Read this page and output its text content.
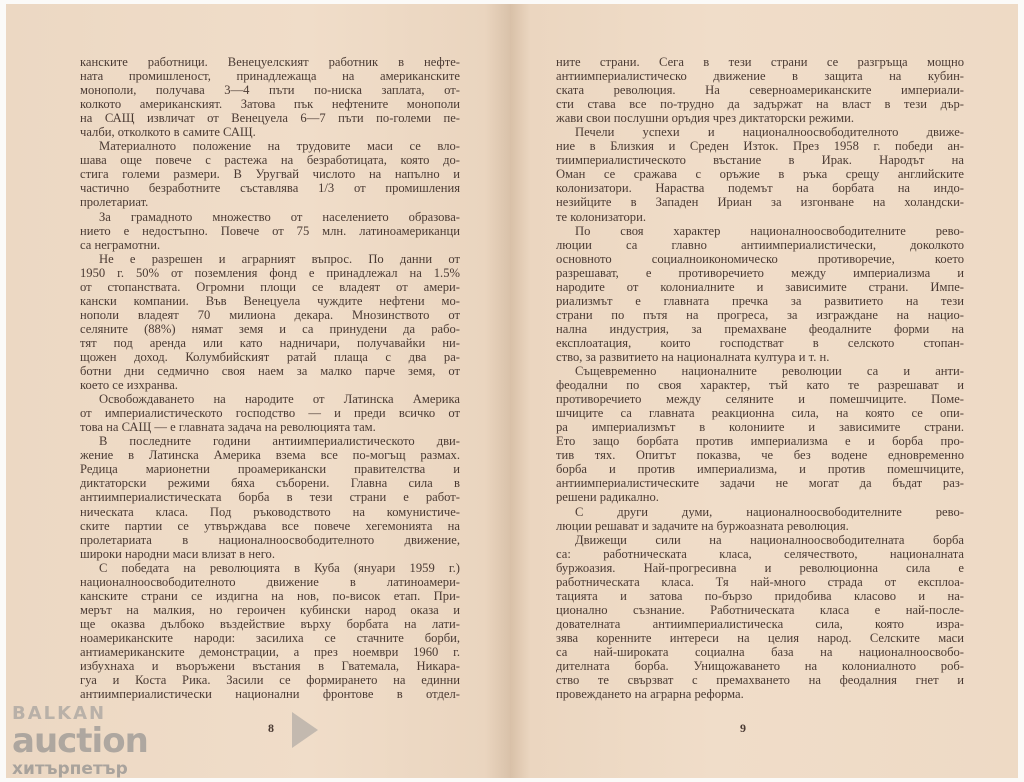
канските работници. Венецуелският работник в нефте-
ната промишленост, принадлежаща на американските
монополи, получава 3—4 пъти по-ниска заплата, от-
колкото американският. Затова пък нефтените монополи
на САЩ извличат от Венецуела 6—7 пъти по-големи пе-
чалби, отколкото в самите САЩ.
Материалното положение на трудовите маси се вло-
шава още повече с растежа на безработицата, която до-
стига големи размери. В Уругвай числото на напълно и
частично безработните съставлява 1/3 от промишления
пролетариат.
За грамадното множество от населението образова-
нието е недостъпно. Повече от 75 млн. латиноамериканци
са неграмотни.
Не е разрешен и аграрният въпрос. По данни от
1950 г. 50% от поземления фонд е принадлежал на 1.5%
от стопанствата. Огромни площи се владеят от амери-
кански компании. Във Венецуела чуждите нефтени мо-
нополи владеят 70 милиона декара. Мнозинството от
селяните (88%) нямат земя и са принудени да рабо-
тят под аренда или като надничари, получавайки ни-
щожен доход. Колумбийският ратай плаща с два ра-
ботни дни седмично своя наем за малко парче земя, от
което се изхранва.
Освобождаването на народите от Латинска Америка
от империалистическото господство — и преди всичко от
това на САЩ — е главната задача на революцията там.
В последните години антиимпериалистическото дви-
жение в Латинска Америка взема все по-могъщ размах.
Редица марионетни проамерикански правителства и
диктаторски режими бяха съборени. Главна сила в
антиимпериалистическата борба в тези страни е работ-
ническата класа. Под ръководството на комунистиче-
ските партии се утвърждава все повече хегемонията на
пролетариата в националноосвободителното движение,
широки народни маси влизат в него.
С победата на революцията в Куба (януари 1959 г.)
националноосвободителното движение в латиноамери-
канските страни се издигна на нов, по-висок етап. При-
мерът на малкия, но героичен кубински народ оказа и
ще оказва дълбоко въздействие върху борбата на лати-
ноамериканските народи: засилиха се стачните борби,
антиамериканските демонстрации, а през ноември 1960 г.
избухнаха и въоръжени въстания в Гватемала, Никара-
гуа и Коста Рика. Засили се формирането на единни
антиимпериалистически национални фронтове в отдел-
8
ните страни. Сега в тези страни се разгръща мощно
антиимпериалистическо движение в защита на кубин-
ската революция. На северноамериканските империали-
сти става все по-трудно да задържат на власт в тези дър-
жави свои послушни оръдия чрез диктаторски режими.
Печели успехи и националноосвободителното движе-
ние в Близкия и Среден Изток. През 1958 г. победи ан-
тиимпериалистическото въстание в Ирак. Народът на
Оман се сражава с оръжие в ръка срещу английските
колонизатори. Нараства подемът на борбата на индо-
незийците в Западен Ириан за изгонване на холандски-
те колонизатори.
По своя характер националноосвободителните рево-
люции са главно антиимпериалистически, доколкото
основното социалноикономическо противоречие, което
разрешават, е противоречието между империализма и
народите от колониалните и зависимите страни. Импе-
риализмът е главната пречка за развитието на тези
страни по пътя на прогреса, за изграждане на нацио-
нална индустрия, за премахване феодалните форми на
експлоатация, които господстват в селското стопан-
ство, за развитието на националната култура и т. н.
Същевременно националните революции са и анти-
феодални по своя характер, тъй като те разрешават и
противоречието между селяните и помешчиците. Поме-
шчиците са главната реакционна сила, на която се опи-
ра империализмът в колониите и зависимите страни.
Ето защо борбата против империализма е и борба про-
тив тях. Опитът показва, че без водене едновременно
борба и против империализма, и против помешчиците,
антиимпериалистическите задачи не могат да бъдат раз-
решени радикално.
С други думи, националноосвободителните рево-
люции решават и задачите на буржоазната революция.
Движещи сили на националноосвободителната борба
са: работническата класа, селячеството, националната
буржоазия. Най-прогресивна и революционна сила е
работническата класа. Тя най-много страда от експлоа-
тацията и затова по-бързо придобива класово и на-
ционално съзнание. Работническата класа е най-после-
дователната антиимпериалистическа сила, която изра-
зява коренните интереси на целия народ. Селските маси
са най-широката социална база на националноосвобо-
дителната борба. Унищожаването на колониалното роб-
ство те свързват с премахването на феодалния гнет и
провеждането на аграрна реформа.
9
BALKAN
auction
хитърпетър
